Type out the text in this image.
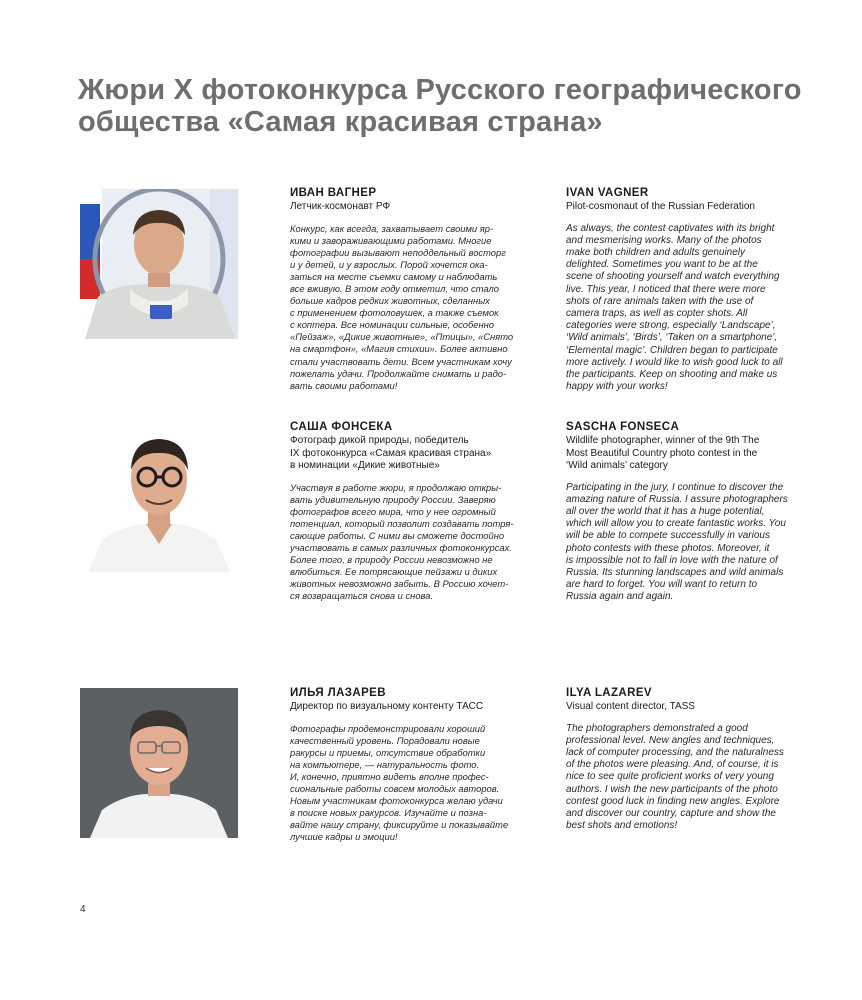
Жюри X фотоконкурса Русского географического
общества «Самая красивая страна»
ИВАН ВАГНЕР
Летчик-космонавт РФ
Конкурс, как всегда, захватывает своими яр-
кими и завораживающими работами. Многие
фотографии вызывают неподдельный восторг
и у детей, и у взрослых. Порой хочется ока-
заться на месте съемки самому и наблюдать
все вживую. В этом году отметил, что стало
больше кадров редких животных, сделанных
с применением фотоловушек, а также съемок
с коптера. Все номинации сильные, особенно
«Пейзаж», «Дикие животные», «Птицы», «Снято
на смартфон», «Магия стихии». Более активно
стали участвовать дети. Всем участникам хочу
пожелать удачи. Продолжайте снимать и радо-
вать своими работами!
IVAN VAGNER
Pilot-cosmonaut of the Russian Federation
As always, the contest captivates with its bright
and mesmerising works. Many of the photos
make both children and adults genuinely
delighted. Sometimes you want to be at the
scene of shooting yourself and watch everything
live. This year, I noticed that there were more
shots of rare animals taken with the use of
camera traps, as well as copter shots. All
categories were strong, especially ‘Landscape’,
‘Wild animals’, ‘Birds’, ‘Taken on a smartphone’,
‘Elemental magic’. Children began to participate
more actively. I would like to wish good luck to all
the participants. Keep on shooting and make us
happy with your works!
САША ФОНСЕКА
Фотограф дикой природы, победитель
IX фотоконкурса «Самая красивая страна»
в номинации «Дикие животные»
Участвуя в работе жюри, я продолжаю откры-
вать удивительную природу России. Заверяю
фотографов всего мира, что у нее огромный
потенциал, который позволит создавать потря-
сающие работы. С ними вы сможете достойно
участвовать в самых различных фотоконкурсах.
Более того, в природу России невозможно не
влюбиться. Ее потрясающие пейзажи и диких
животных невозможно забыть. В Россию хочет-
ся возвращаться снова и снова.
SASCHA FONSECA
Wildlife photographer, winner of the 9th The
Most Beautiful Country photo contest in the
‘Wild animals’ category
Participating in the jury, I continue to discover the
amazing nature of Russia. I assure photographers
all over the world that it has a huge potential,
which will allow you to create fantastic works. You
will be able to compete successfully in various
photo contests with these photos. Moreover, it
is impossible not to fall in love with the nature of
Russia. Its stunning landscapes and wild animals
are hard to forget. You will want to return to
Russia again and again.
ИЛЬЯ ЛАЗАРЕВ
Директор по визуальному контенту ТАСС
Фотографы продемонстрировали хороший
качественный уровень. Порадовали новые
ракурсы и приемы, отсутствие обработки
на компьютере, — натуральность фото.
И, конечно, приятно видеть вполне профес-
сиональные работы совсем молодых авторов.
Новым участникам фотоконкурса желаю удачи
в поиске новых ракурсов. Изучайте и позна-
вайте нашу страну, фиксируйте и показывайте
лучшие кадры и эмоции!
ILYA LAZAREV
Visual content director, TASS
The photographers demonstrated a good
professional level. New angles and techniques,
lack of computer processing, and the naturalness
of the photos were pleasing. And, of course, it is
nice to see quite proficient works of very young
authors. I wish the new participants of the photo
contest good luck in finding new angles. Explore
and discover our country, capture and show the
best shots and emotions!
4
